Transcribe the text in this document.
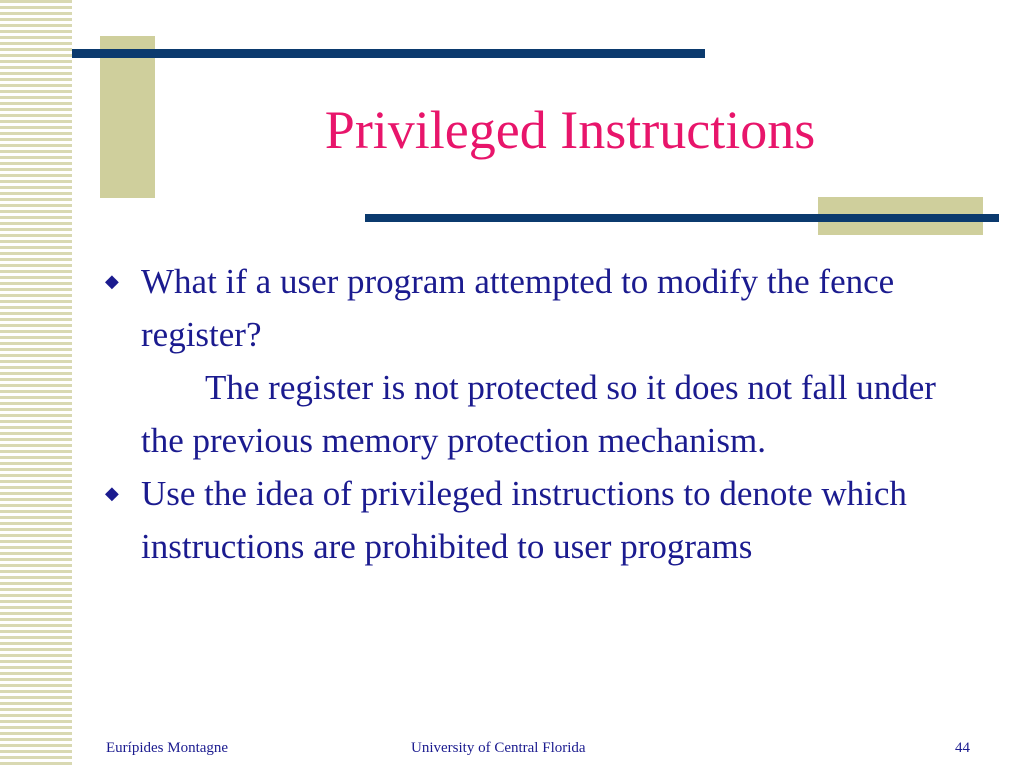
Privileged Instructions

◆ What if a user program attempted to modify the fence register?

The register is not protected so it does not fall under the previous memory protection mechanism.

◆ Use the idea of privileged instructions to denote which instructions are prohibited to user programs

Eurípides Montagne	University of Central Florida	44
